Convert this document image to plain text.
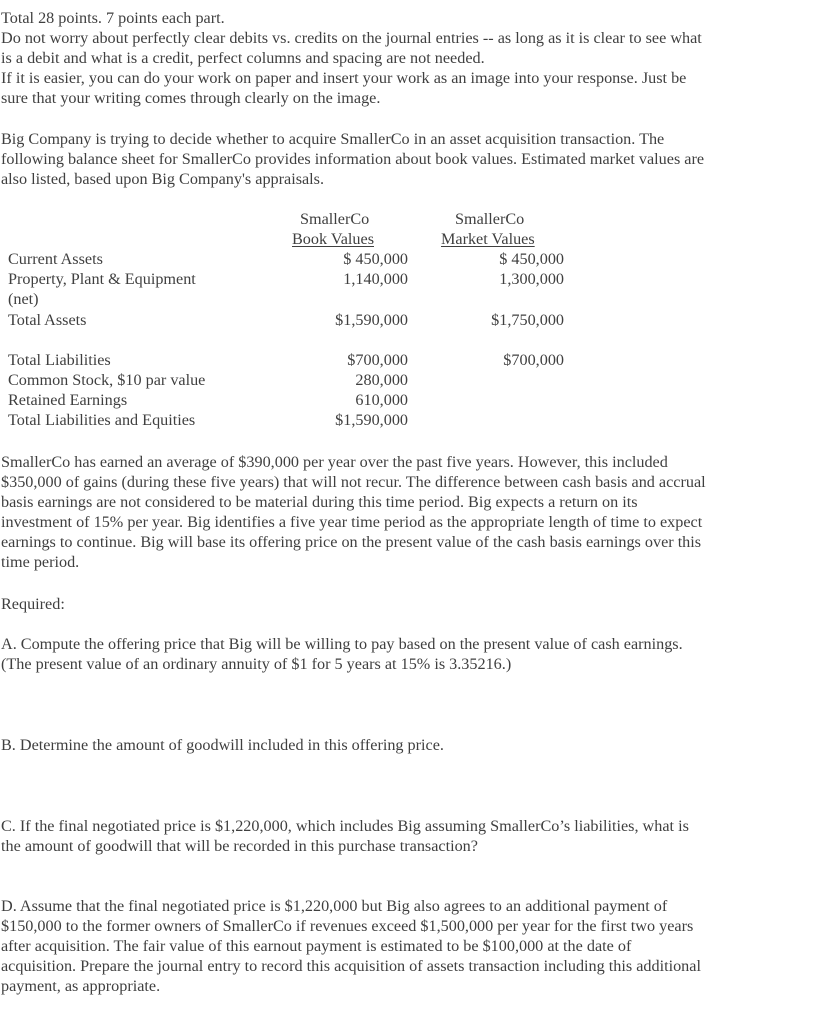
Total 28 points. 7 points each part.
Do not worry about perfectly clear debits vs. credits on the journal entries -- as long as it is clear to see what
is a debit and what is a credit, perfect columns and spacing are not needed.
If it is easier, you can do your work on paper and insert your work as an image into your response. Just be
sure that your writing comes through clearly on the image.
Big Company is trying to decide whether to acquire SmallerCo in an asset acquisition transaction. The
following balance sheet for SmallerCo provides information about book values. Estimated market values are
also listed, based upon Big Company's appraisals.
SmallerCo
Book Values
SmallerCo
Market Values
Current Assets
Property, Plant & Equipment
(net)
Total Assets
Total Liabilities
Common Stock, $10 par value
Retained Earnings
Total Liabilities and Equities
$ 450,000
1,140,000
$1,590,000
$700,000
280,000
610,000
$1,590,000
$ 450,000
1,300,000
$1,750,000
$700,000
SmallerCo has earned an average of $390,000 per year over the past five years. However, this included
$350,000 of gains (during these five years) that will not recur. The difference between cash basis and accrual
basis earnings are not considered to be material during this time period. Big expects a return on its
investment of 15% per year. Big identifies a five year time period as the appropriate length of time to expect
earnings to continue. Big will base its offering price on the present value of the cash basis earnings over this
time period.
Required:
A. Compute the offering price that Big will be willing to pay based on the present value of cash earnings.
(The present value of an ordinary annuity of $1 for 5 years at 15% is 3.35216.)
B. Determine the amount of goodwill included in this offering price.
C. If the final negotiated price is $1,220,000, which includes Big assuming SmallerCo’s liabilities, what is
the amount of goodwill that will be recorded in this purchase transaction?
D. Assume that the final negotiated price is $1,220,000 but Big also agrees to an additional payment of
$150,000 to the former owners of SmallerCo if revenues exceed $1,500,000 per year for the first two years
after acquisition. The fair value of this earnout payment is estimated to be $100,000 at the date of
acquisition. Prepare the journal entry to record this acquisition of assets transaction including this additional
payment, as appropriate.
